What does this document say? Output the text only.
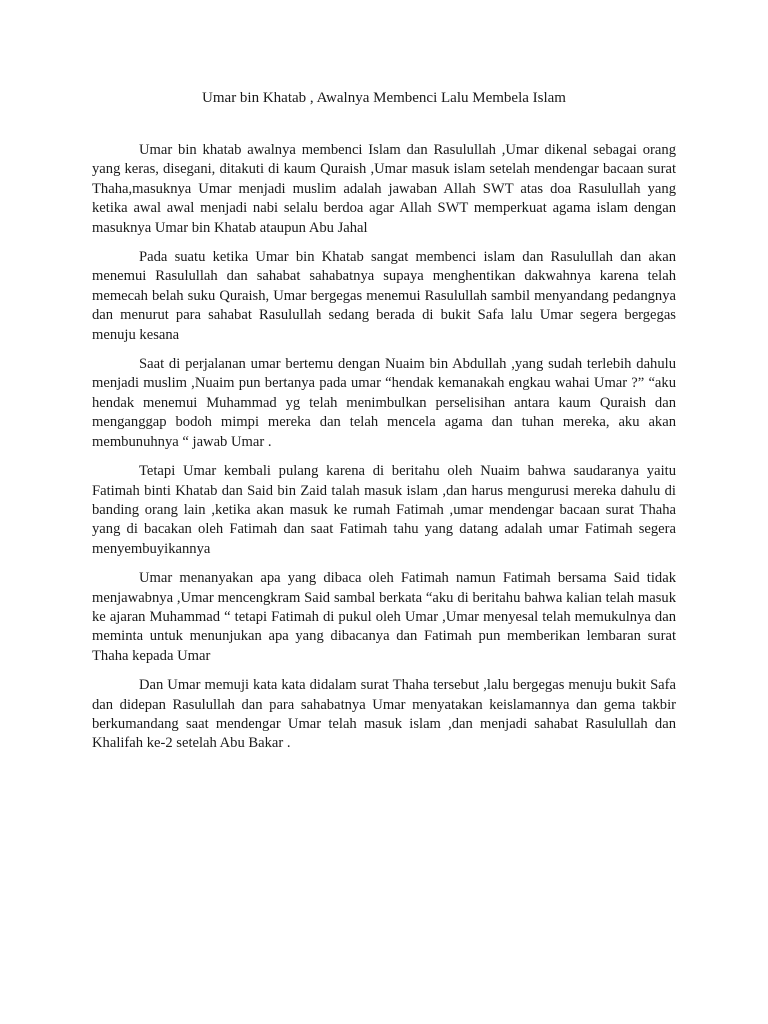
Umar bin Khatab , Awalnya Membenci Lalu Membela Islam

Umar bin khatab awalnya membenci Islam dan Rasulullah ,Umar dikenal sebagai orang yang keras, disegani, ditakuti di kaum Quraish ,Umar masuk islam setelah mendengar bacaan surat Thaha,masuknya Umar menjadi muslim adalah jawaban Allah SWT atas doa Rasulullah yang ketika awal awal menjadi nabi selalu berdoa agar Allah SWT memperkuat agama islam dengan masuknya Umar bin Khatab ataupun Abu Jahal

Pada suatu ketika Umar bin Khatab sangat membenci islam dan Rasulullah dan akan menemui Rasulullah dan sahabat sahabatnya supaya menghentikan dakwahnya karena telah memecah belah suku Quraish, Umar bergegas menemui Rasulullah sambil menyandang pedangnya dan menurut para sahabat Rasulullah sedang berada di bukit Safa lalu Umar segera bergegas menuju kesana

Saat di perjalanan umar bertemu dengan Nuaim bin Abdullah ,yang sudah terlebih dahulu menjadi muslim ,Nuaim pun bertanya pada umar “hendak kemanakah engkau wahai Umar ?” “aku hendak menemui Muhammad yg telah menimbulkan perselisihan antara kaum Quraish dan menganggap bodoh mimpi mereka dan telah mencela agama dan tuhan mereka, aku akan membunuhnya “ jawab Umar .

Tetapi Umar kembali pulang karena di beritahu oleh Nuaim bahwa saudaranya yaitu Fatimah binti Khatab dan Said bin Zaid talah masuk islam ,dan harus mengurusi mereka dahulu di banding orang lain ,ketika akan masuk ke rumah Fatimah ,umar mendengar bacaan surat Thaha yang di bacakan oleh Fatimah dan saat Fatimah tahu yang datang adalah umar Fatimah segera menyembuyikannya

Umar menanyakan apa yang dibaca oleh Fatimah namun Fatimah bersama Said tidak menjawabnya ,Umar mencengkram Said sambal berkata “aku di beritahu bahwa kalian telah masuk ke ajaran Muhammad “ tetapi Fatimah di pukul oleh Umar ,Umar menyesal telah memukulnya dan meminta untuk menunjukan apa yang dibacanya dan Fatimah pun memberikan lembaran surat Thaha kepada Umar

Dan Umar memuji kata kata didalam surat Thaha tersebut ,lalu bergegas menuju bukit Safa dan didepan Rasulullah dan para sahabatnya Umar menyatakan keislamannya dan gema takbir berkumandang saat mendengar Umar telah masuk islam ,dan menjadi sahabat Rasulullah dan Khalifah ke-2 setelah Abu Bakar .
